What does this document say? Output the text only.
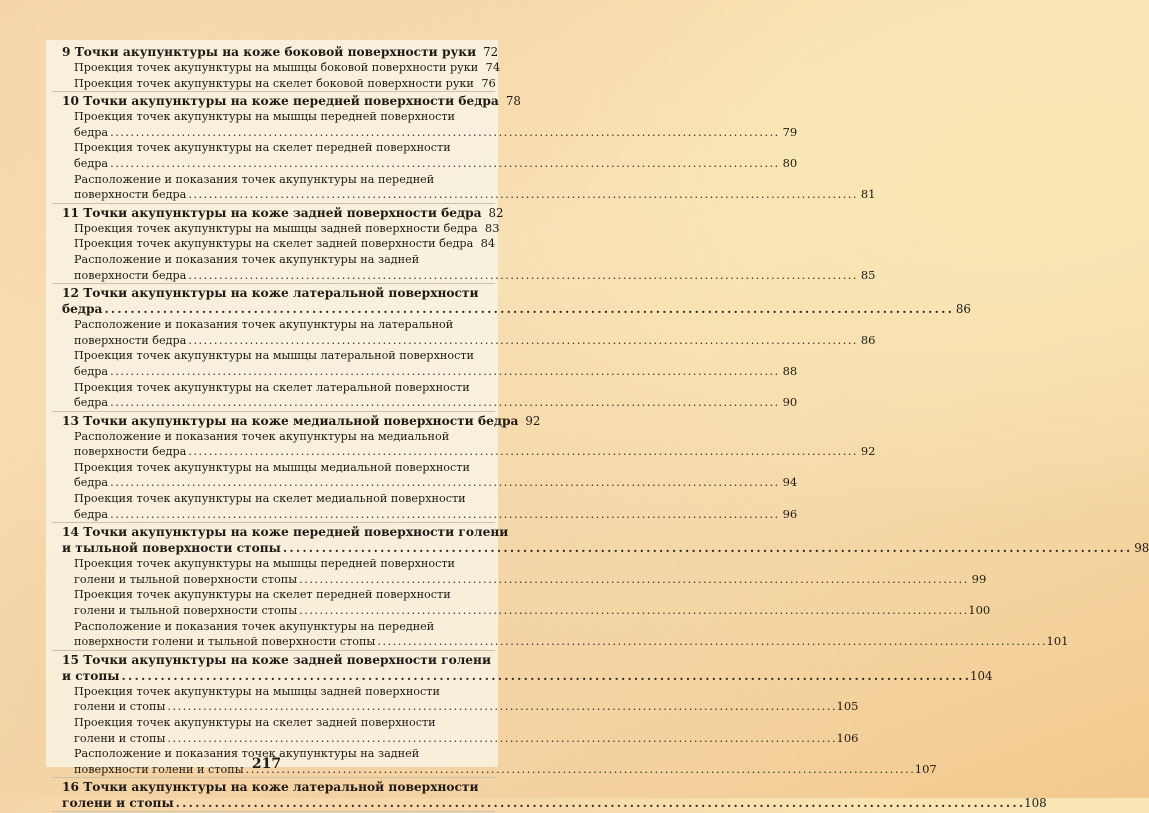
9 Точки акупунктуры на коже боковой поверхности руки 72
Проекция точек акупунктуры на мышцы боковой поверхности руки 74
Проекция точек акупунктуры на скелет боковой поверхности руки 76
10 Точки акупунктуры на коже передней поверхности бедра 78
Проекция точек акупунктуры на мышцы передней поверхности
бедра . . .	79
Проекция точек акупунктуры на скелет передней поверхности
бедра . . .	80
Расположение и показания точек акупунктуры на передней
поверхности бедра . . .	81
11 Точки акупунктуры на коже задней поверхности бедра 82
Проекция точек акупунктуры на мышцы задней поверхности бедра 83
Проекция точек акупунктуры на скелет задней поверхности бедра 84
Расположение и показания точек акупунктуры на задней
поверхности бедра . . .	85
12 Точки акупунктуры на коже латеральной поверхности
бедра . . .	86
Расположение и показания точек акупунктуры на латеральной
поверхности бедра . . .	86
Проекция точек акупунктуры на мышцы латеральной поверхности
бедра . . .	88
Проекция точек акупунктуры на скелет латеральной поверхности
бедра . . .	90
13 Точки акупунктуры на коже медиальной поверхности бедра 92
Расположение и показания точек акупунктуры на медиальной
поверхности бедра . . .	92
Проекция точек акупунктуры на мышцы медиальной поверхности
бедра . . .	94
Проекция точек акупунктуры на скелет медиальной поверхности
бедра . . .	96
14 Точки акупунктуры на коже передней поверхности голени
и тыльной поверхности стопы . . .	98
Проекция точек акупунктуры на мышцы передней поверхности
голени и тыльной поверхности стопы . . .	99
Проекция точек акупунктуры на скелет передней поверхности
голени и тыльной поверхности стопы . . .	100
Расположение и показания точек акупунктуры на передней
поверхности голени и тыльной поверхности стопы . . .	101
15 Точки акупунктуры на коже задней поверхности голени
и стопы . . .	104
Проекция точек акупунктуры на мышцы задней поверхности
голени и стопы . . .	105
Проекция точек акупунктуры на скелет задней поверхности
голени и стопы . . .	106
Расположение и показания точек акупунктуры на задней
поверхности голени и стопы . . .	107
16 Точки акупунктуры на коже латеральной поверхности
голени и стопы . . .	108
217
